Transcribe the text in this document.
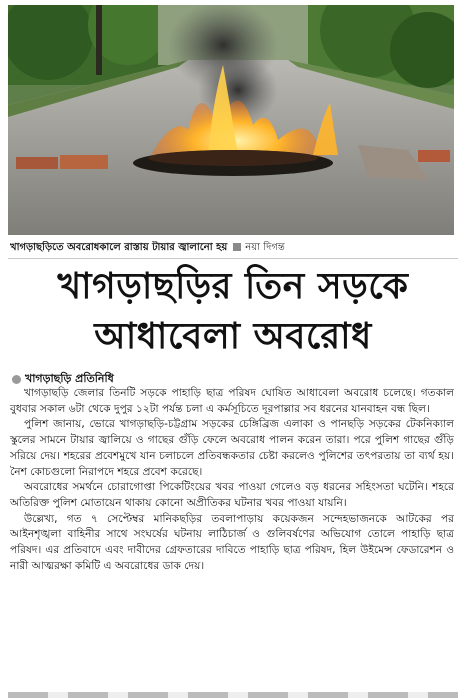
খাগড়াছড়িতে অবরোধকালে রাস্তায় টায়ার জ্বালানো হয় নয়া দিগন্ত
খাগড়াছড়ির তিন সড়কে
আধাবেলা অবরোধ
খাগড়াছড়ি প্রতিনিধি

খাগড়াছড়ি জেলার তিনটি সড়কে পাহাড়ি ছাত্র পরিষদ ঘোষিত আধাবেলা অবরোধ চলেছে। গতকাল বুধবার সকাল ৬টা থেকে দুপুর ১২টা পর্যন্ত চলা এ কর্মসূচিতে দূরপাল্লার সব ধরনের যানবাহন বন্ধ ছিল।

পুলিশ জানায়, ভোরে খাগড়াছড়ি-চট্টগ্রাম সড়কের চেঙ্গিব্রিজ এলাকা ও পানছড়ি সড়কের টেকনিক্যাল স্কুলের সামনে টায়ার জ্বালিয়ে ও গাছের গুঁড়ি ফেলে অবরোধ পালন করেন তারা। পরে পুলিশ গাছের গুঁড়ি সরিয়ে দেয়। শহরের প্রবেশমুখে যান চলাচলে প্রতিবন্ধকতার চেষ্টা করলেও পুলিশের তৎপরতায় তা ব্যর্থ হয়। নৈশ কোচগুলো নিরাপদে শহরে প্রবেশ করেছে।

অবরোধের সমর্থনে চোরাগোপ্তা পিকেটিংয়ের খবর পাওয়া গেলেও বড় ধরনের সহিংসতা ঘটেনি। শহরে অতিরিক্ত পুলিশ মোতায়েন থাকায় কোনো অপ্রীতিকর ঘটনার খবর পাওয়া যায়নি।

উল্লেখ্য, গত ৭ সেপ্টেম্বর মানিকছড়ির তবলাপাড়ায় কয়েকজন সন্দেহভাজনকে আটকের পর আইনশৃঙ্খলা বাহিনীর সাথে সংঘর্ষের ঘটনায় লাঠিচার্জ ও গুলিবর্ষণের অভিযোগ তোলে পাহাড়ি ছাত্র পরিষদ। এর প্রতিবাদে এবং দাবীদের গ্রেফতারের দাবিতে পাহাড়ি ছাত্র পরিষদ, হিল উইমেন্স ফেডারেশন ও নারী আত্মরক্ষা কমিটি এ অবরোধের ডাক দেয়।
